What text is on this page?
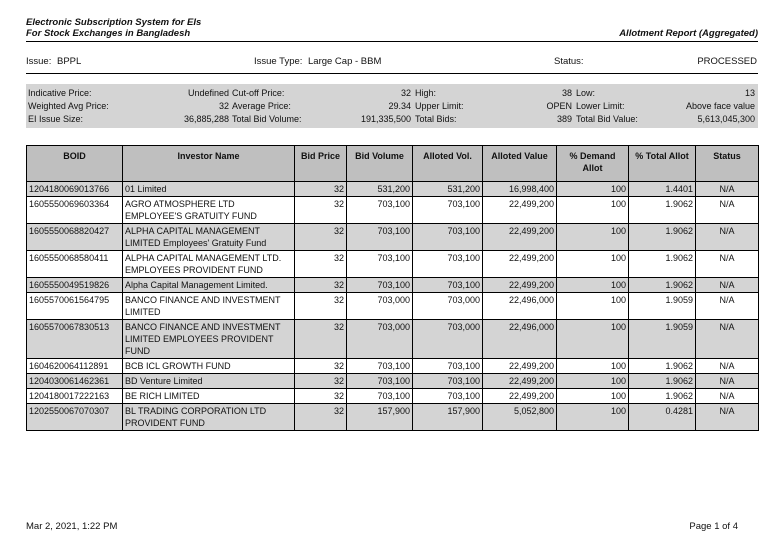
Electronic Subscription System for EIs
For Stock Exchanges in Bangladesh	Allotment Report (Aggregated)
Issue: BPPL	Issue Type: Large Cap - BBM	Status:	PROCESSED
Indicative Price:	Undefined Cut-off Price:	32 High:	38 Low:	13
Weighted Avg Price:	32 Average Price:	29.34 Upper Limit:	OPEN Lower Limit:	Above face value
EI Issue Size:	36,885,288 Total Bid Volume:	191,335,500 Total Bids:	389 Total Bid Value:	5,613,045,300
BOID	Investor Name	Bid Price	Bid Volume	Alloted Vol.	Alloted Value	% Demand Allot	% Total Allot	Status
1204180069013766	01 Limited	32	531,200	531,200	16,998,400	100	1.4401	N/A
1605550069603364	AGRO ATMOSPHERE LTD EMPLOYEE'S GRATUITY FUND	32	703,100	703,100	22,499,200	100	1.9062	N/A
1605550068820427	ALPHA CAPITAL MANAGEMENT LIMITED Employees' Gratuity Fund	32	703,100	703,100	22,499,200	100	1.9062	N/A
1605550068580411	ALPHA CAPITAL MANAGEMENT LTD. EMPLOYEES PROVIDENT FUND	32	703,100	703,100	22,499,200	100	1.9062	N/A
1605550049519826	Alpha Capital Management Limited.	32	703,100	703,100	22,499,200	100	1.9062	N/A
1605570061564795	BANCO FINANCE AND INVESTMENT LIMITED	32	703,000	703,000	22,496,000	100	1.9059	N/A
1605570067830513	BANCO FINANCE AND INVESTMENT LIMITED EMPLOYEES PROVIDENT FUND	32	703,000	703,000	22,496,000	100	1.9059	N/A
1604620064112891	BCB ICL GROWTH FUND	32	703,100	703,100	22,499,200	100	1.9062	N/A
1204030061462361	BD Venture Limited	32	703,100	703,100	22,499,200	100	1.9062	N/A
1204180017222163	BE RICH LIMITED	32	703,100	703,100	22,499,200	100	1.9062	N/A
1202550067070307	BL TRADING CORPORATION LTD PROVIDENT FUND	32	157,900	157,900	5,052,800	100	0.4281	N/A
Mar 2, 2021, 1:22 PM	Page 1 of 4
